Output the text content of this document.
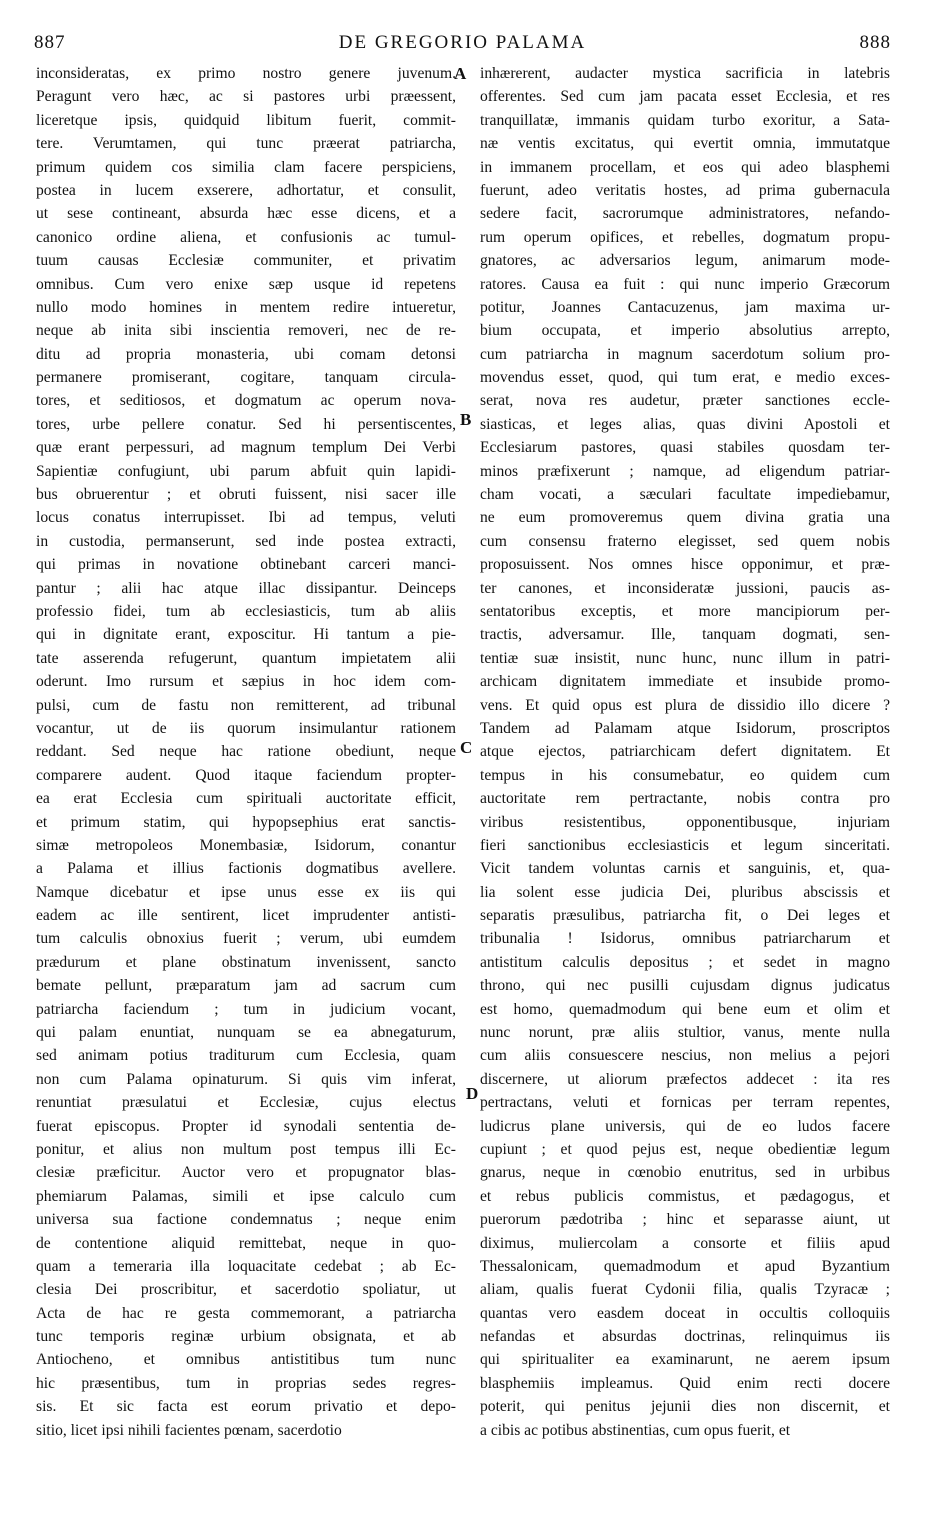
887	DE GREGORIO PALAMA	888
inconsideratas, ex primo nostro genere juvenum.
Peragunt vero hæc, ac si pastores urbi præessent,
liceretque ipsis, quidquid libitum fuerit, commit-
tere. Verumtamen, qui tunc præerat patriarcha,
primum quidem cos similia clam facere perspiciens,
postea in lucem exserere, adhortatur, et consulit,
ut sese contineant, absurda hæc esse dicens, et a
canonico ordine aliena, et confusionis ac tumul-
tuum causas Ecclesiæ communiter, et privatim
omnibus. Cum vero enixe sæp usque id repetens
nullo modo homines in mentem redire intueretur,
neque ab inita sibi inscientia removeri, nec de re-
ditu ad propria monasteria, ubi comam detonsi
permanere promiserant, cogitare, tanquam circula-
tores, et seditiosos, et dogmatum ac operum nova-
tores, urbe pellere conatur. Sed hi persentiscentes,
quæ erant perpessuri, ad magnum templum Dei Verbi
Sapientiæ confugiunt, ubi parum abfuit quin lapidi-
bus obruerentur ; et obruti fuissent, nisi sacer ille
locus conatus interrupisset. Ibi ad tempus, veluti
in custodia, permanserunt, sed inde postea extracti,
qui primas in novatione obtinebant carceri manci-
pantur ; alii hac atque illac dissipantur. Deinceps
professio fidei, tum ab ecclesiasticis, tum ab aliis
qui in dignitate erant, exposcitur. Hi tantum a pie-
tate asserenda refugerunt, quantum impietatem alii
oderunt. Imo rursum et sæpius in hoc idem com-
pulsi, cum de fastu non remitterent, ad tribunal
vocantur, ut de iis quorum insimulantur rationem
reddant. Sed neque hac ratione obediunt, neque
comparere audent. Quod itaque faciendum propter-
ea erat Ecclesia cum spirituali auctoritate efficit,
et primum statim, qui hypopsephius erat sanctis-
simæ metropoleos Monembasiæ, Isidorum, conantur
a Palama et illius factionis dogmatibus avellere.
Namque dicebatur et ipse unus esse ex iis qui
eadem ac ille sentirent, licet imprudenter antisti-
tum calculis obnoxius fuerit ; verum, ubi eumdem
prædurum et plane obstinatum invenissent, sancto
bemate pellunt, præparatum jam ad sacrum cum
patriarcha faciendum ; tum in judicium vocant,
qui palam enuntiat, nunquam se ea abnegaturum,
sed animam potius traditurum cum Ecclesia, quam
non cum Palama opinaturum. Si quis vim inferat,
renuntiat præsulatui et Ecclesiæ, cujus electus
fuerat episcopus. Propter id synodali sententia de-
ponitur, et alius non multum post tempus illi Ec-
clesiæ præficitur. Auctor vero et propugnator blas-
phemiarum Palamas, simili et ipse calculo cum
universa sua factione condemnatus ; neque enim
de contentione aliquid remittebat, neque in quo-
quam a temeraria illa loquacitate cedebat ; ab Ec-
clesia Dei proscribitur, et sacerdotio spoliatur, ut
Acta de hac re gesta commemorant, a patriarcha
tunc temporis reginæ urbium obsignata, et ab
Antiocheno, et omnibus antistitibus tum nunc
hic præsentibus, tum in proprias sedes regres-
sis. Et sic facta est eorum privatio et depo-
sitio, licet ipsi nihili facientes pœnam, sacerdotio
inhærerent, audacter mystica sacrificia in latebris
offerentes. Sed cum jam pacata esset Ecclesia, et res
tranquillatæ, immanis quidam turbo exoritur, a Sata-
næ ventis excitatus, qui evertit omnia, immutatque
in immanem procellam, et eos qui adeo blasphemi
fuerunt, adeo veritatis hostes, ad prima gubernacula
sedere facit, sacrorumque administratores, nefando-
rum operum opifices, et rebelles, dogmatum propu-
gnatores, ac adversarios legum, animarum mode-
ratores. Causa ea fuit : qui nunc imperio Græcorum
potitur, Joannes Cantacuzenus, jam maxima ur-
bium occupata, et imperio absolutius arrepto,
cum patriarcha in magnum sacerdotum solium pro-
movendus esset, quod, qui tum erat, e medio exces-
serat, nova res audetur, præter sanctiones eccle-
siasticas, et leges alias, quas divini Apostoli et
Ecclesiarum pastores, quasi stabiles quosdam ter-
minos præfixerunt ; namque, ad eligendum patriar-
cham vocati, a sæculari facultate impediebamur,
ne eum promoveremus quem divina gratia una
cum consensu fraterno elegisset, sed quem nobis
proposuissent. Nos omnes hisce opponimur, et præ-
ter canones, et inconsideratæ jussioni, paucis as-
sentatoribus exceptis, et more mancipiorum per-
tractis, adversamur. Ille, tanquam dogmati, sen-
tentiæ suæ insistit, nunc hunc, nunc illum in patri-
archicam dignitatem immediate et insubide promo-
vens. Et quid opus est plura de dissidio illo dicere ?
Tandem ad Palamam atque Isidorum, proscriptos
atque ejectos, patriarchicam defert dignitatem. Et
tempus in his consumebatur, eo quidem cum
auctoritate rem pertractante, nobis contra pro
viribus resistentibus, opponentibusque, injuriam
fieri sanctionibus ecclesiasticis et legum sinceritati.
Vicit tandem voluntas carnis et sanguinis, et, qua-
lia solent esse judicia Dei, pluribus abscissis et
separatis præsulibus, patriarcha fit, o Dei leges et
tribunalia ! Isidorus, omnibus patriarcharum et
antistitum calculis depositus ; et sedet in magno
throno, qui nec pusilli cujusdam dignus judicatus
est homo, quemadmodum qui bene eum et olim et
nunc norunt, præ aliis stultior, vanus, mente nulla
cum aliis consuescere nescius, non melius a pejori
discernere, ut aliorum præfectos addecet : ita res
pertractans, veluti et fornicas per terram repentes,
ludicrus plane universis, qui de eo ludos facere
cupiunt ; et quod pejus est, neque obedientiæ legum
gnarus, neque in cœnobio enutritus, sed in urbibus
et rebus publicis commistus, et pædagogus, et
puerorum pædotriba ; hinc et separasse aiunt, ut
diximus, muliercolam a consorte et filiis apud
Thessalonicam, quemadmodum et apud Byzantium
aliam, qualis fuerat Cydonii filia, qualis Tzyracæ ;
quantas vero easdem doceat in occultis colloquiis
nefandas et absurdas doctrinas, relinquimus iis
qui spiritualiter ea examinarunt, ne aerem ipsum
blasphemiis impleamus. Quid enim recti docere
poterit, qui penitus jejunii dies non discernit, et
a cibis ac potibus abstinentias, cum opus fuerit, et
A
B
C
D
